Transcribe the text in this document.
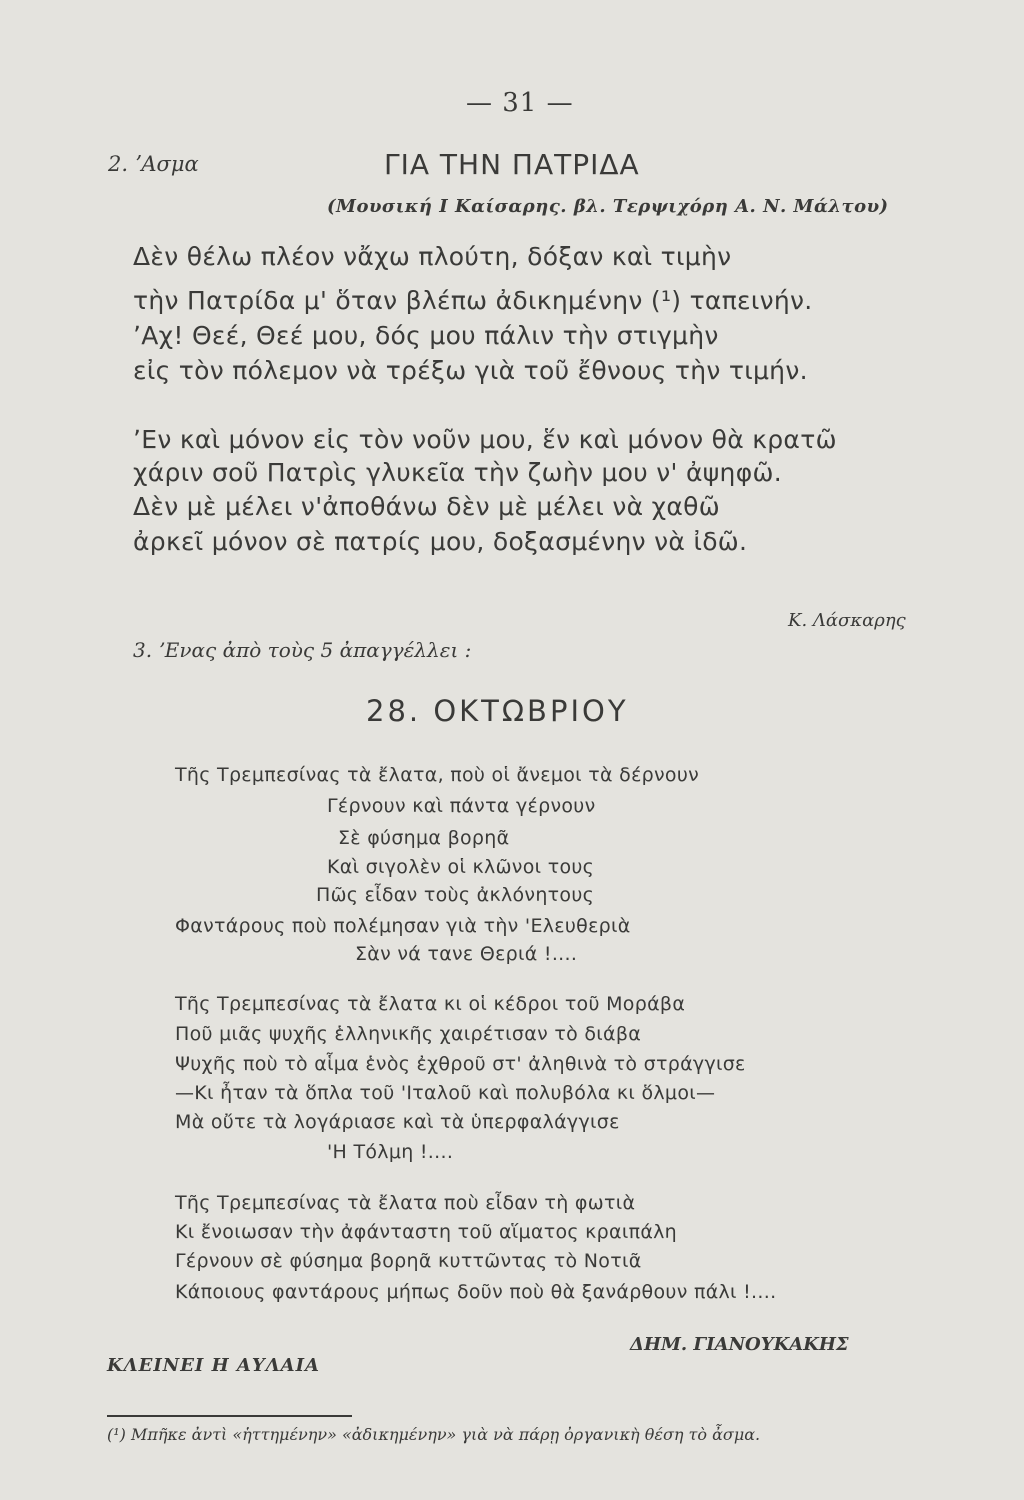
— 31 —
2. ʼΑσμα	ΓΙΑ ΤΗΝ ΠΑΤΡΙΔΑ
(Μουσική Ι Καίσαρης. βλ. Τερψιχόρη Α. Ν. Μάλτου)
Δὲν θέλω πλέον νἄχω πλούτη, δόξαν καὶ τιμὴν
τὴν Πατρίδα μ' ὅταν βλέπω ἀδικημένην (¹) ταπεινήν.
ʼΑχ! Θεέ, Θεέ μου, δός μου πάλιν τὴν στιγμὴν
εἰς τὸν πόλεμον νὰ τρέξω γιὰ τοῦ ἔθνους τὴν τιμήν.
ʼΕν καὶ μόνον εἰς τὸν νοῦν μου, ἕν καὶ μόνον θὰ κρατῶ
χάριν σοῦ Πατρὶς γλυκεῖα τὴν ζωὴν μου ν' ἀψηφῶ.
Δὲν μὲ μέλει ν'ἀποθάνω δὲν μὲ μέλει νὰ χαθῶ
ἀρκεῖ μόνον σὲ πατρίς μου, δοξασμένην νὰ ἰδῶ.
Κ. Λάσκαρης
3. ʼΕνας ἀπὸ τοὺς 5 ἀπαγγέλλει :
28. ΟΚΤΩΒΡΙΟΥ
Τῆς Τρεμπεσίνας τὰ ἔλατα, ποὺ οἱ ἄνεμοι τὰ δέρνουν
Γέρνουν καὶ πάντα γέρνουν
Σὲ φύσημα βορηᾶ
Καὶ σιγολὲν οἱ κλῶνοι τους
Πῶς εἶδαν τοὺς ἀκλόνητους
Φαντάρους ποὺ πολέμησαν γιὰ τὴν 'Ελευθεριὰ
Σὰν νά τανε Θεριά !....
Τῆς Τρεμπεσίνας τὰ ἔλατα κι οἱ κέδροι τοῦ Μοράβα
Ποῦ μιᾶς ψυχῆς ἑλληνικῆς χαιρέτισαν τὸ διάβα
Ψυχῆς ποὺ τὸ αἷμα ἑνὸς ἐχθροῦ στ' ἀληθινὰ τὸ στράγγισε
—Κι ἦταν τὰ ὅπλα τοῦ 'Ιταλοῦ καὶ πολυβόλα κι ὅλμοι—
Μὰ οὔτε τὰ λογάριασε καὶ τὰ ὑπερφαλάγγισε
'Η Τόλμη !....
Τῆς Τρεμπεσίνας τὰ ἔλατα ποὺ εἶδαν τὴ φωτιὰ
Κι ἔνοιωσαν τὴν ἀφάνταστη τοῦ αἵματος κραιπάλη
Γέρνουν σὲ φύσημα βορηᾶ κυττῶντας τὸ Νοτιᾶ
Κάποιους φαντάρους μήπως δοῦν ποὺ θὰ ξανάρθουν πάλι !....
ΔΗΜ. ΓΙΑΝΟΥΚΑΚΗΣ
ΚΛΕΙΝΕΙ Η ΑΥΛΑΙΑ
(¹) Μπῆκε ἀντὶ «ἡττημένην» «ἀδικημένην» γιὰ νὰ πάρῃ ὀργανικὴ θέση τὸ ἆσμα.
